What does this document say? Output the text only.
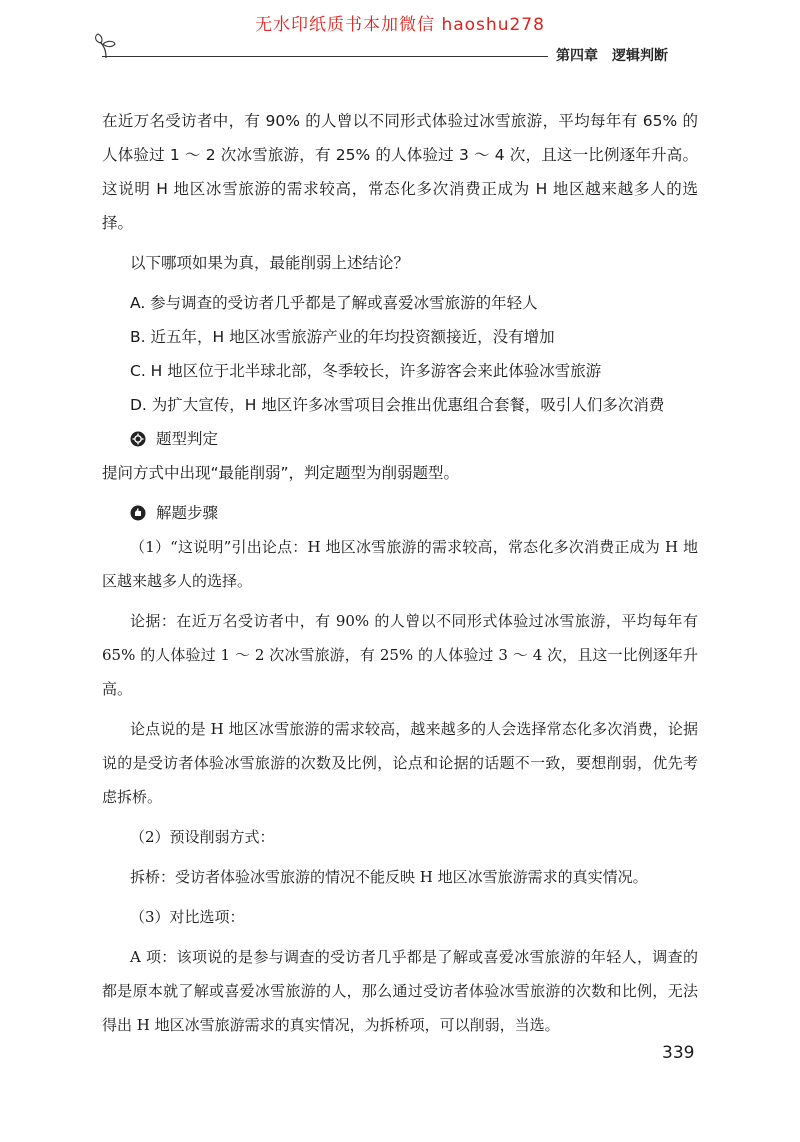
无水印纸质书本加微信 haoshu278
第四章 逻辑判断

在近万名受访者中，有 90% 的人曾以不同形式体验过冰雪旅游，平均每年有 65% 的人体验过 1 ～ 2 次冰雪旅游，有 25% 的人体验过 3 ～ 4 次，且这一比例逐年升高。这说明 H 地区冰雪旅游的需求较高，常态化多次消费正成为 H 地区越来越多人的选择。

以下哪项如果为真，最能削弱上述结论？

A. 参与调查的受访者几乎都是了解或喜爱冰雪旅游的年轻人

B. 近五年，H 地区冰雪旅游产业的年均投资额接近，没有增加

C. H 地区位于北半球北部，冬季较长，许多游客会来此体验冰雪旅游

D. 为扩大宣传，H 地区许多冰雪项目会推出优惠组合套餐，吸引人们多次消费

题型判定

提问方式中出现“最能削弱”，判定题型为削弱题型。

解题步骤

（1）“这说明”引出论点：H 地区冰雪旅游的需求较高，常态化多次消费正成为 H 地区越来越多人的选择。

论据：在近万名受访者中，有 90% 的人曾以不同形式体验过冰雪旅游，平均每年有 65% 的人体验过 1 ～ 2 次冰雪旅游，有 25% 的人体验过 3 ～ 4 次，且这一比例逐年升高。

论点说的是 H 地区冰雪旅游的需求较高，越来越多的人会选择常态化多次消费，论据说的是受访者体验冰雪旅游的次数及比例，论点和论据的话题不一致，要想削弱，优先考虑拆桥。

（2）预设削弱方式：

拆桥：受访者体验冰雪旅游的情况不能反映 H 地区冰雪旅游需求的真实情况。

（3）对比选项：

A 项：该项说的是参与调查的受访者几乎都是了解或喜爱冰雪旅游的年轻人，调查的都是原本就了解或喜爱冰雪旅游的人，那么通过受访者体验冰雪旅游的次数和比例，无法得出 H 地区冰雪旅游需求的真实情况，为拆桥项，可以削弱，当选。

339
